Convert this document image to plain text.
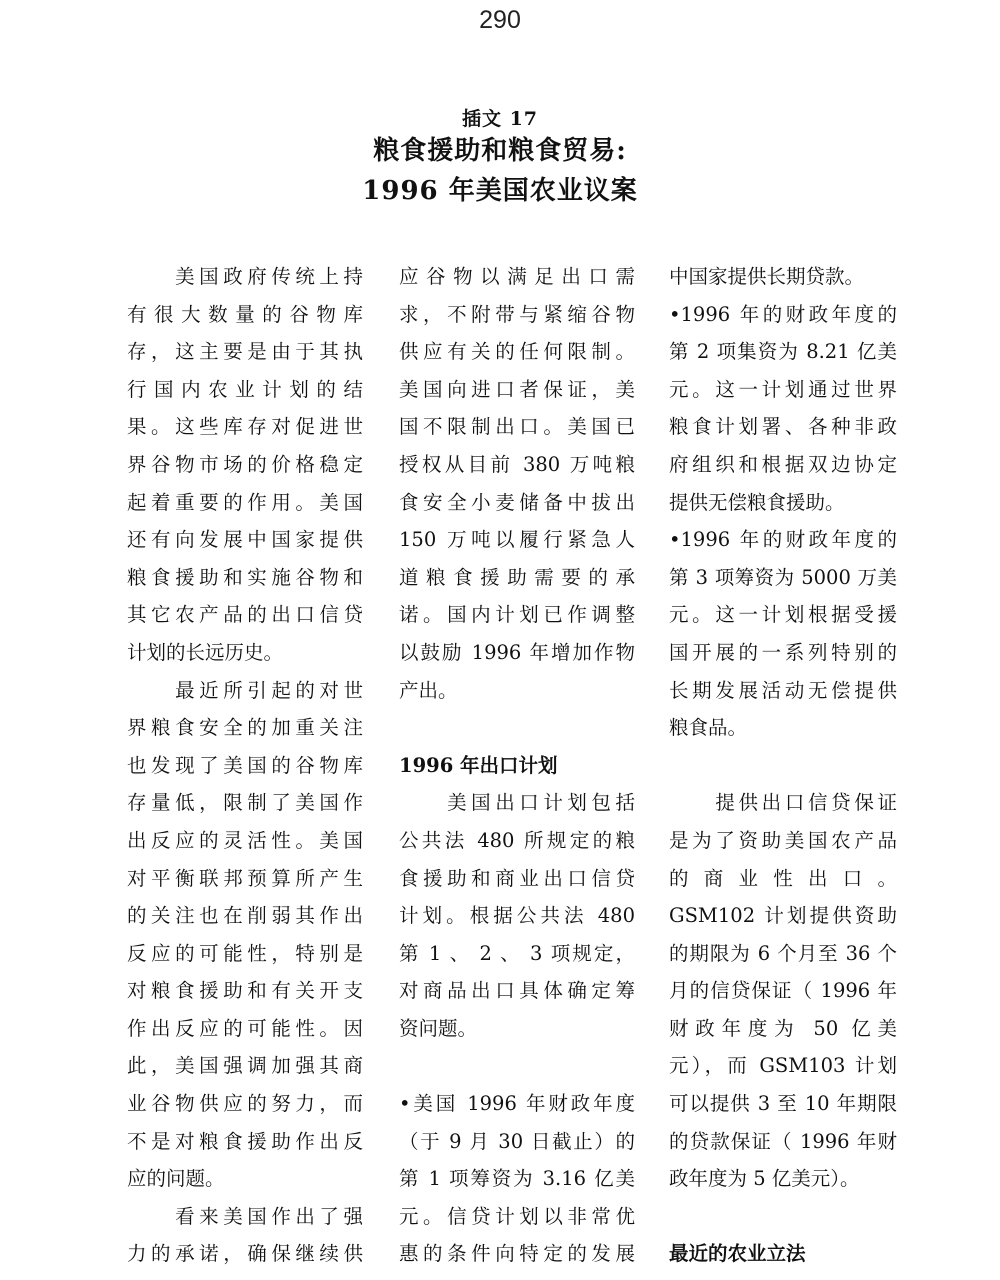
290
插文 17
粮食援助和粮食贸易:
1996 年美国农业议案
　　美国政府传统上持
有很大数量的谷物库
存，这主要是由于其执
行国内农业计划的结
果。这些库存对促进世
界谷物市场的价格稳定
起着重要的作用。美国
还有向发展中国家提供
粮食援助和实施谷物和
其它农产品的出口信贷
计划的长远历史。
　　最近所引起的对世
界粮食安全的加重关注
也发现了美国的谷物库
存量低，限制了美国作
出反应的灵活性。美国
对平衡联邦预算所产生
的关注也在削弱其作出
反应的可能性，特别是
对粮食援助和有关开支
作出反应的可能性。因
此，美国强调加强其商
业谷物供应的努力，而
不是对粮食援助作出反
应的问题。
　　看来美国作出了强
力的承诺，确保继续供
应谷物以满足出口需
求，不附带与紧缩谷物
供应有关的任何限制。
美国向进口者保证，美
国不限制出口。美国已
授权从目前 380 万吨粮
食安全小麦储备中拔出
150 万吨以履行紧急人
道粮食援助需要的承
诺。国内计划已作调整
以鼓励 1996 年增加作物
产出。
1996 年出口计划
　　美国出口计划包括
公共法 480 所规定的粮
食援助和商业出口信贷
计划。根据公共法 480
第 1 、 2 、 3 项规定，
对商品出口具体确定筹
资问题。
•美国 1996 年财政年度
（于 9 月 30 日截止）的
第 1 项筹资为 3.16 亿美
元。信贷计划以非常优
惠的条件向特定的发展
中国家提供长期贷款。
•1996 年的财政年度的
第 2 项集资为 8.21 亿美
元。这一计划通过世界
粮食计划署、各种非政
府组织和根据双边协定
提供无偿粮食援助。
•1996 年的财政年度的
第 3 项筹资为 5000 万美
元。这一计划根据受援
国开展的一系列特别的
长期发展活动无偿提供
粮食品。
　　提供出口信贷保证
是为了资助美国农产品
的 商 业 性 出 口 。
GSM102 计划提供资助
的期限为 6 个月至 36 个
月的信贷保证（ 1996 年
财政年度为 50 亿美
元），而 GSM103 计划
可以提供 3 至 10 年期限
的贷款保证（ 1996 年财
政年度为 5 亿美元）。
最近的农业立法
